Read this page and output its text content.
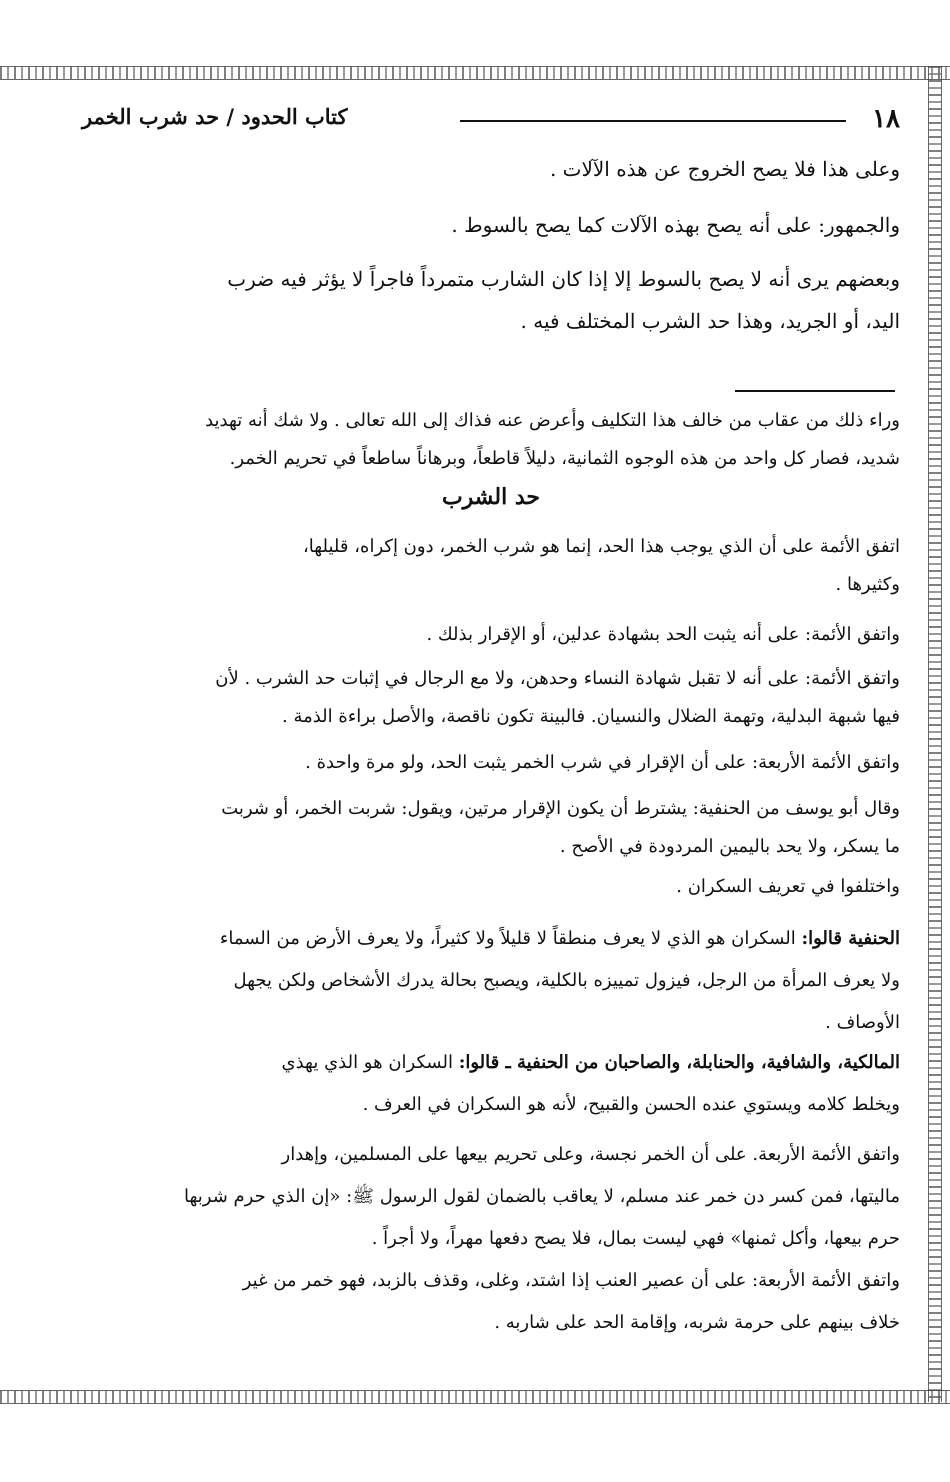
١٨
كتاب الحدود / حد شرب الخمر
وعلى هذا فلا يصح الخروج عن هذه الآلات .
والجمهور: على أنه يصح بهذه الآلات كما يصح بالسوط .
وبعضهم يرى أنه لا يصح بالسوط إلا إذا كان الشارب متمرداً فاجراً لا يؤثر فيه ضرب
اليد، أو الجريد، وهذا حد الشرب المختلف فيه .
وراء ذلك من عقاب من خالف هذا التكليف وأعرض عنه فذاك إلى الله تعالى . ولا شك أنه تهديد
شديد، فصار كل واحد من هذه الوجوه الثمانية، دليلاً قاطعاً، وبرهاناً ساطعاً في تحريم الخمر.
حد الشرب
اتفق الأئمة على أن الذي يوجب هذا الحد، إنما هو شرب الخمر، دون إكراه، قليلها،
وكثيرها .
واتفق الأئمة: على أنه يثبت الحد بشهادة عدلين، أو الإقرار بذلك .
واتفق الأئمة: على أنه لا تقبل شهادة النساء وحدهن، ولا مع الرجال في إثبات حد الشرب . لأن
فيها شبهة البدلية، وتهمة الضلال والنسيان. فالبينة تكون ناقصة، والأصل براءة الذمة .
واتفق الأئمة الأربعة: على أن الإقرار في شرب الخمر يثبت الحد، ولو مرة واحدة .
وقال أبو يوسف من الحنفية: يشترط أن يكون الإقرار مرتين، ويقول: شربت الخمر، أو شربت
ما يسكر، ولا يحد باليمين المردودة في الأصح .
واختلفوا في تعريف السكران .
الحنفية قالوا: السكران هو الذي لا يعرف منطقاً لا قليلاً ولا كثيراً، ولا يعرف الأرض من السماء
ولا يعرف المرأة من الرجل، فيزول تمييزه بالكلية، ويصبح بحالة يدرك الأشخاص ولكن يجهل
الأوصاف .
المالكية، والشافية، والحنابلة، والصاحبان من الحنفية ـ قالوا: السكران هو الذي يهذي
ويخلط كلامه ويستوي عنده الحسن والقبيح، لأنه هو السكران في العرف .
واتفق الأئمة الأربعة. على أن الخمر نجسة، وعلى تحريم بيعها على المسلمين، وإهدار
ماليتها، فمن كسر دن خمر عند مسلم، لا يعاقب بالضمان لقول الرسول ﷺ: «إن الذي حرم شربها
حرم بيعها، وأكل ثمنها» فهي ليست بمال، فلا يصح دفعها مهراً، ولا أجراً .
واتفق الأئمة الأربعة: على أن عصير العنب إذا اشتد، وغلى، وقذف بالزبد، فهو خمر من غير
خلاف بينهم على حرمة شربه، وإقامة الحد على شاربه .
